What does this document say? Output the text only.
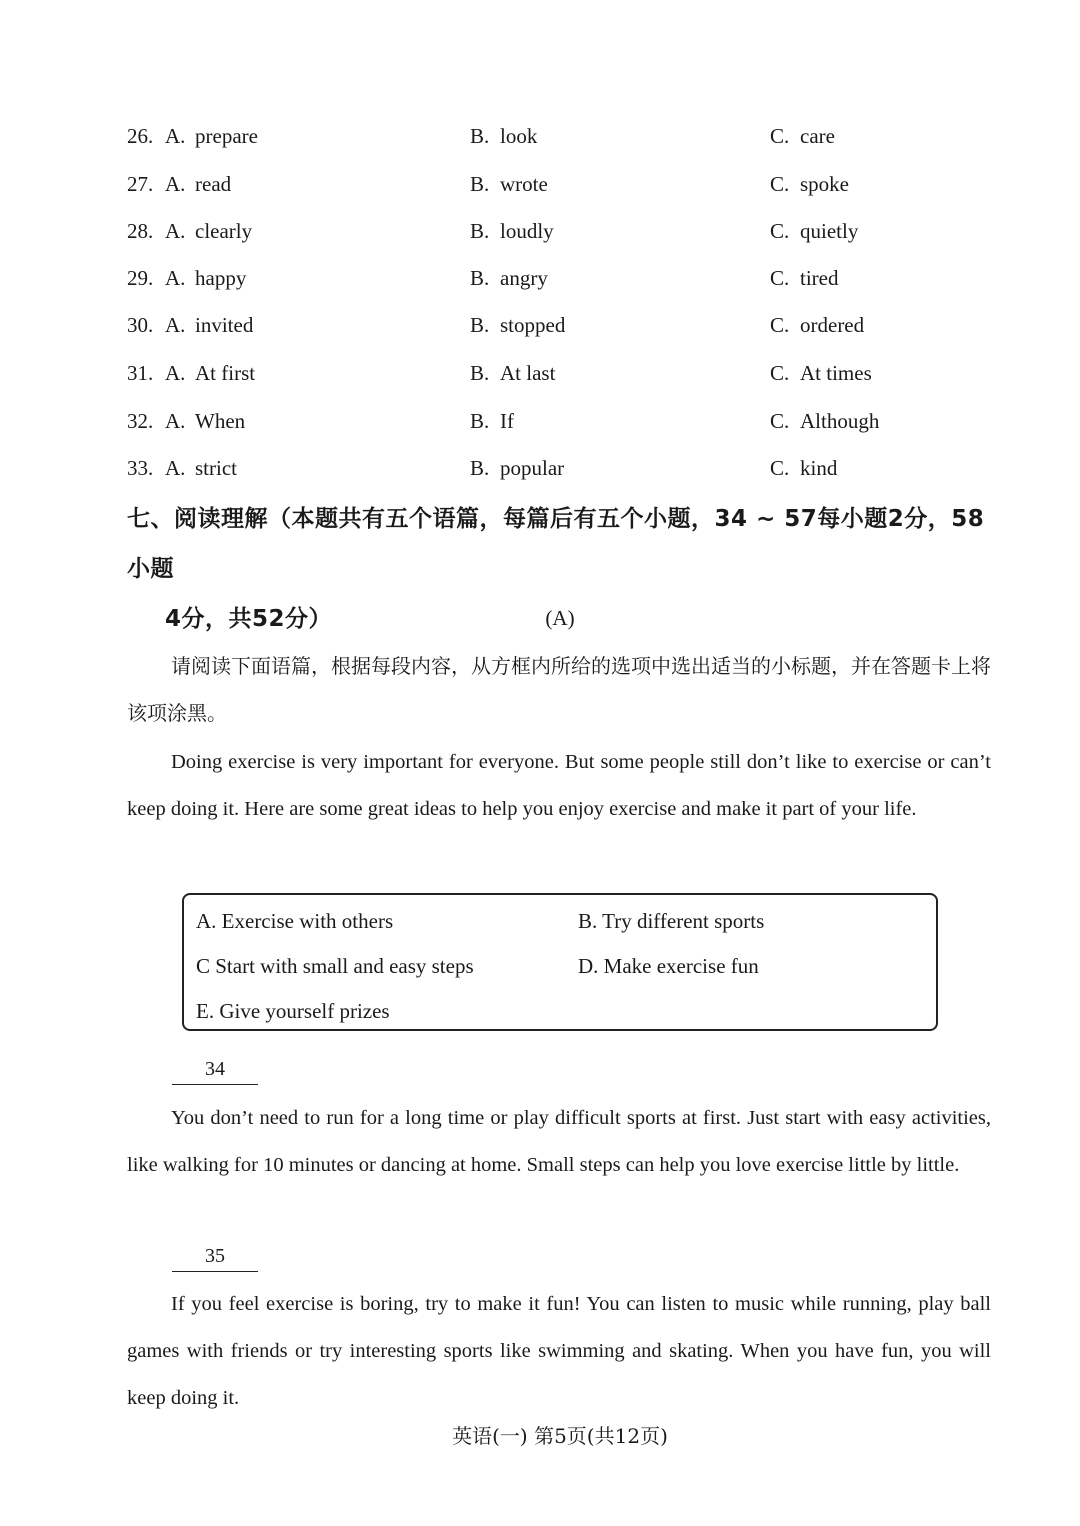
26. A. prepare	B. look	C. care
27. A. read	B. wrote	C. spoke
28. A. clearly	B. loudly	C. quietly
29. A. happy	B. angry	C. tired
30. A. invited	B. stopped	C. ordered
31. A. At first	B. At last	C. At times
32. A. When	B. If	C. Although
33. A. strict	B. popular	C. kind
七、阅读理解（本题共有五个语篇，每篇后有五个小题，34 ~ 57每小题2分，58小题
4分，共52分）	(A)
请阅读下面语篇，根据每段内容，从方框内所给的选项中选出适当的小标题，并在答题卡上将该项涂黑。
Doing exercise is very important for everyone. But some people still don’t like to exercise or can’t keep doing it. Here are some great ideas to help you enjoy exercise and make it part of your life.
A. Exercise with others	B. Try different sports
C Start with small and easy steps	D. Make exercise fun
E. Give yourself prizes
34
You don’t need to run for a long time or play difficult sports at first. Just start with easy activities, like walking for 10 minutes or dancing at home. Small steps can help you love exercise little by little.
35
If you feel exercise is boring, try to make it fun! You can listen to music while running, play ball games with friends or try interesting sports like swimming and skating. When you have fun, you will keep doing it.
英语(一) 第5页(共12页)
